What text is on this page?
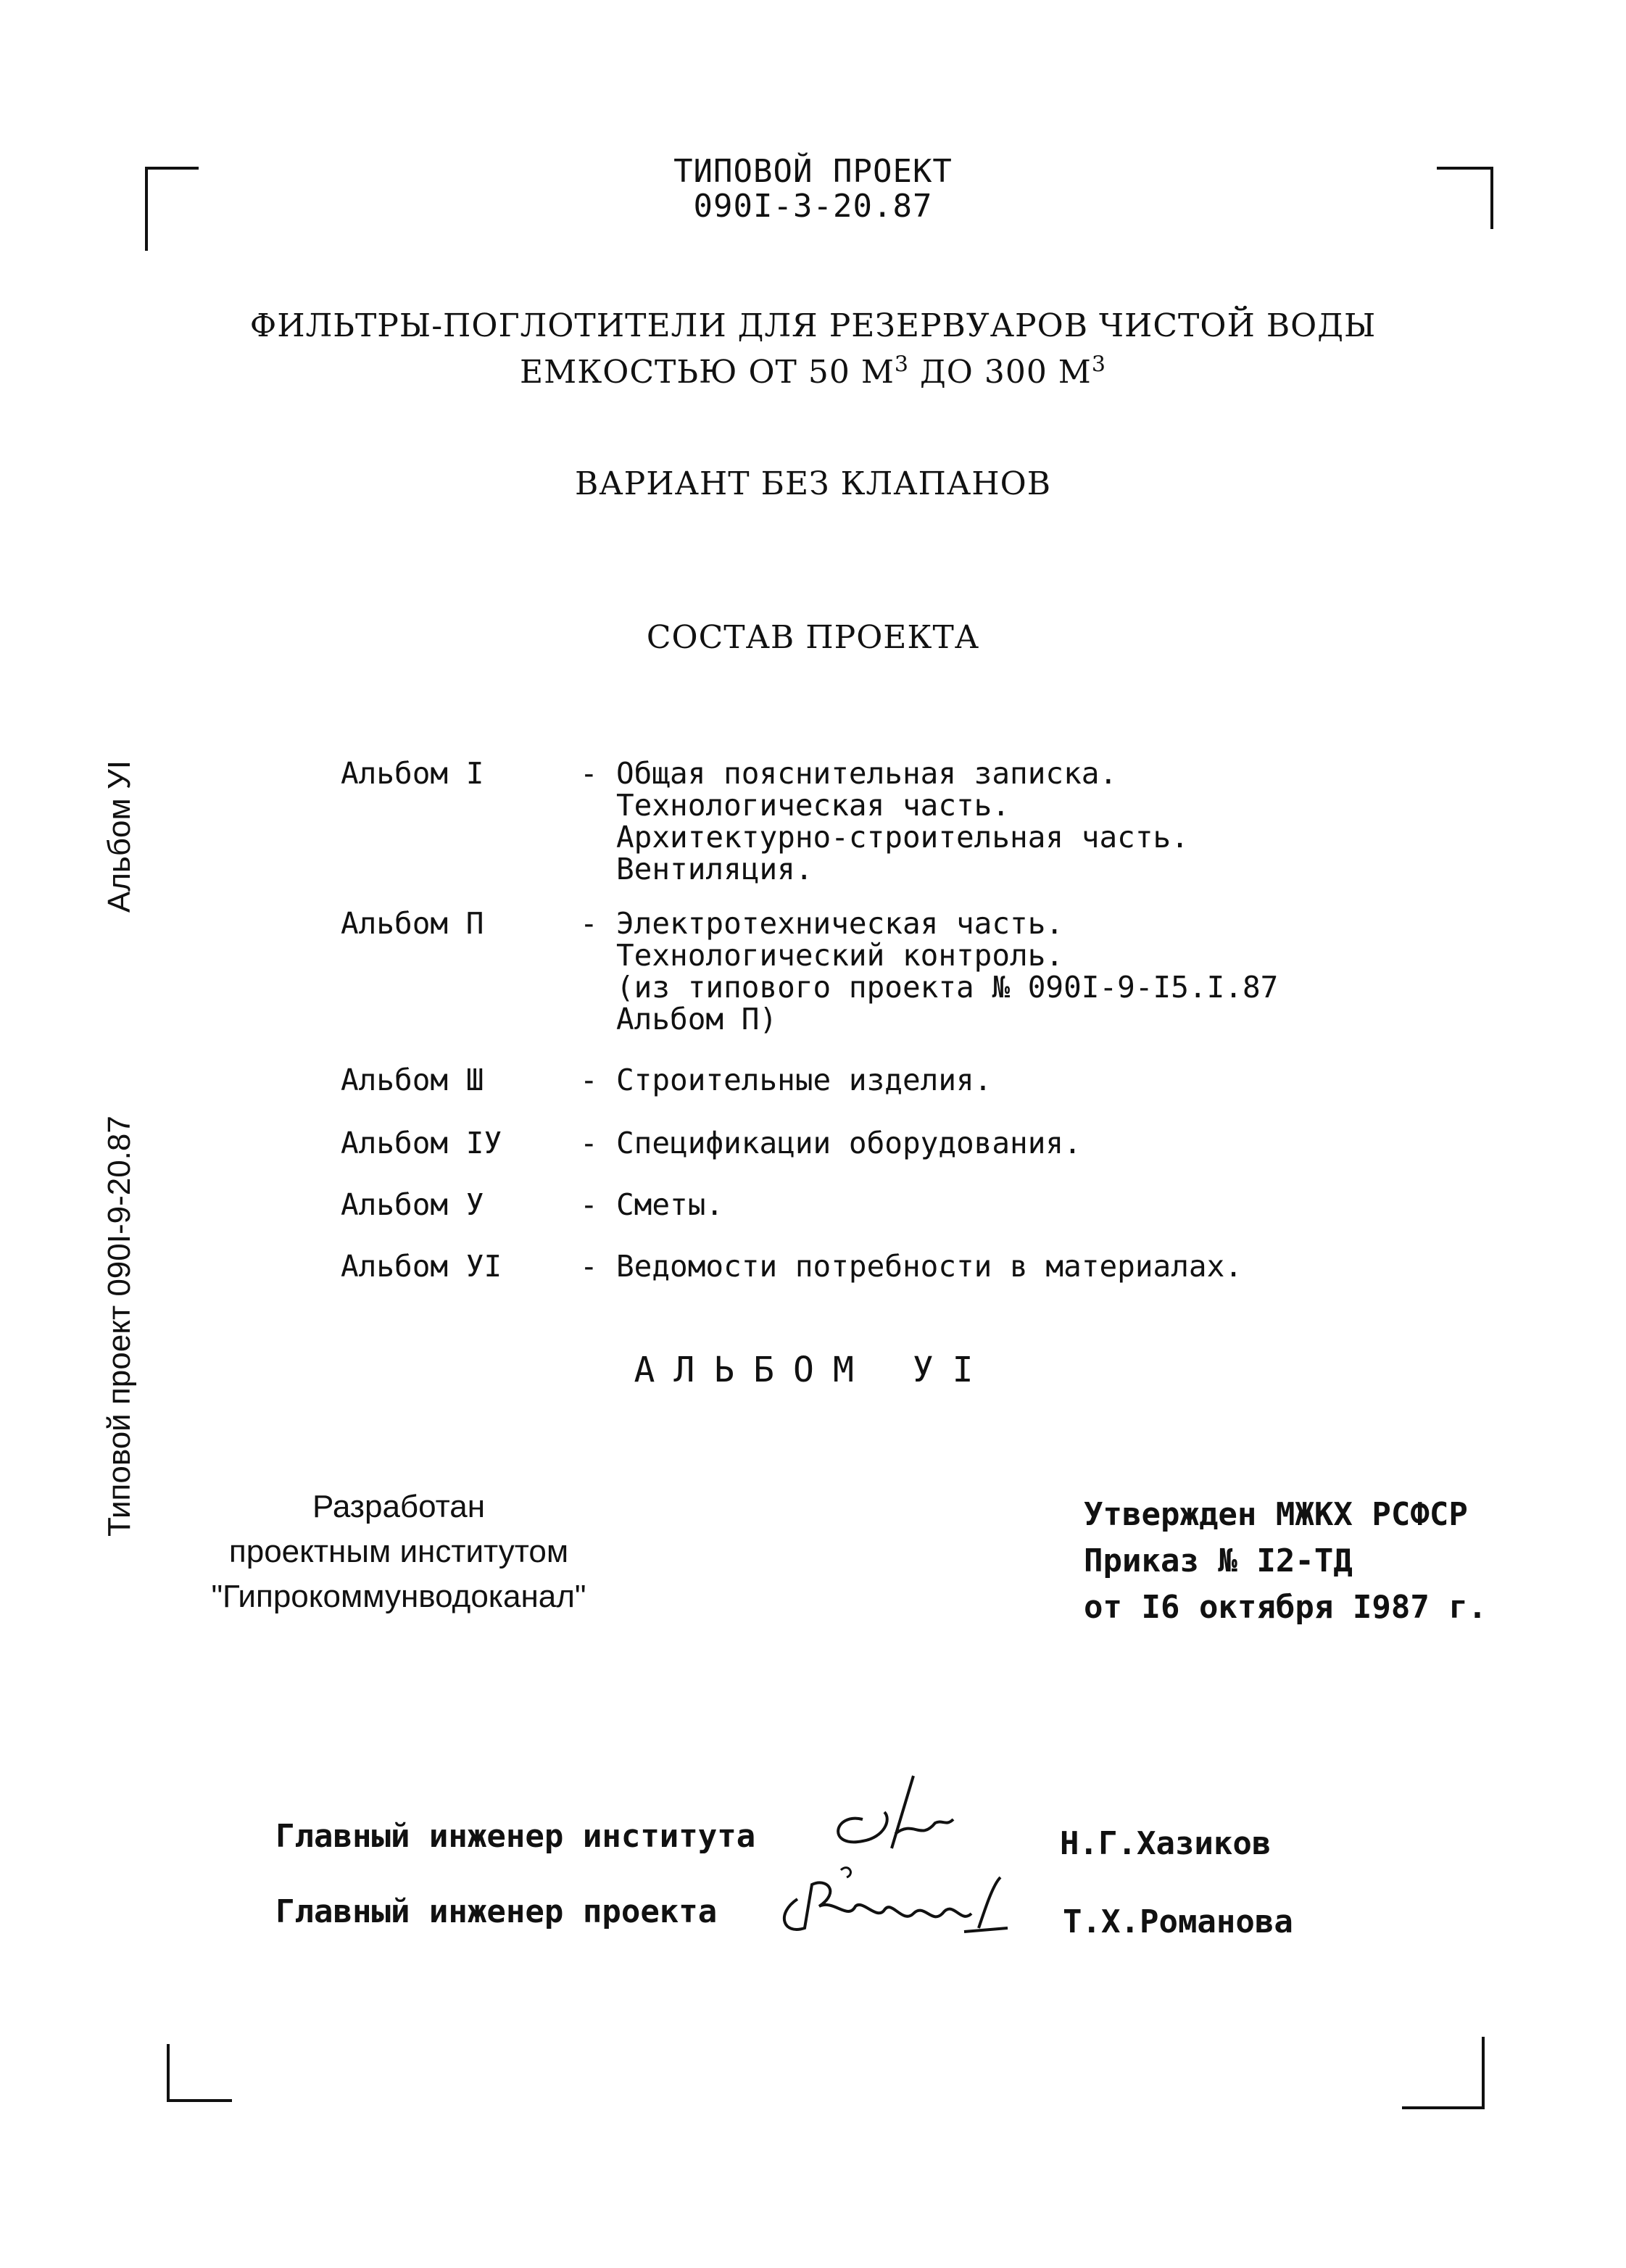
ТИПОВОЙ ПРОЕКТ
090I-3-20.87
ФИЛЬТРЫ-ПОГЛОТИТЕЛИ ДЛЯ РЕЗЕРВУАРОВ ЧИСТОЙ ВОДЫ
ЕМКОСТЬЮ ОТ 50 $М^3$ ДО 300 $М^3$
ВАРИАНТ БЕЗ КЛАПАНОВ
СОСТАВ ПРОЕКТА
Типовой проект 090I-9-20.87Альбом УI	Альбом I	- Общая пояснительная записка.
Технологическая часть.
Архитектурно-строительная часть.
Вентиляция.
Альбом П	- Электротехническая часть.
Технологический контроль.
(из типового проекта № 090I-9-I5.I.87
Альбом П)
Альбом Ш	- Строительные изделия.
Альбом IУ	- Спецификации оборудования.
Альбом У	- Сметы.
Альбом УI	- Ведомости потребности в материалах.
АЛЬБОМ УI
Разработан
проектным институтом
"Гипрокоммунводоканал"
Утвержден МЖКХ РСФСР
Приказ № I2-ТД
от I6 октября I987 г.
Главный инженер института	Н.Г.Хазиков
Главный инженер проекта	Т.Х.Романова
